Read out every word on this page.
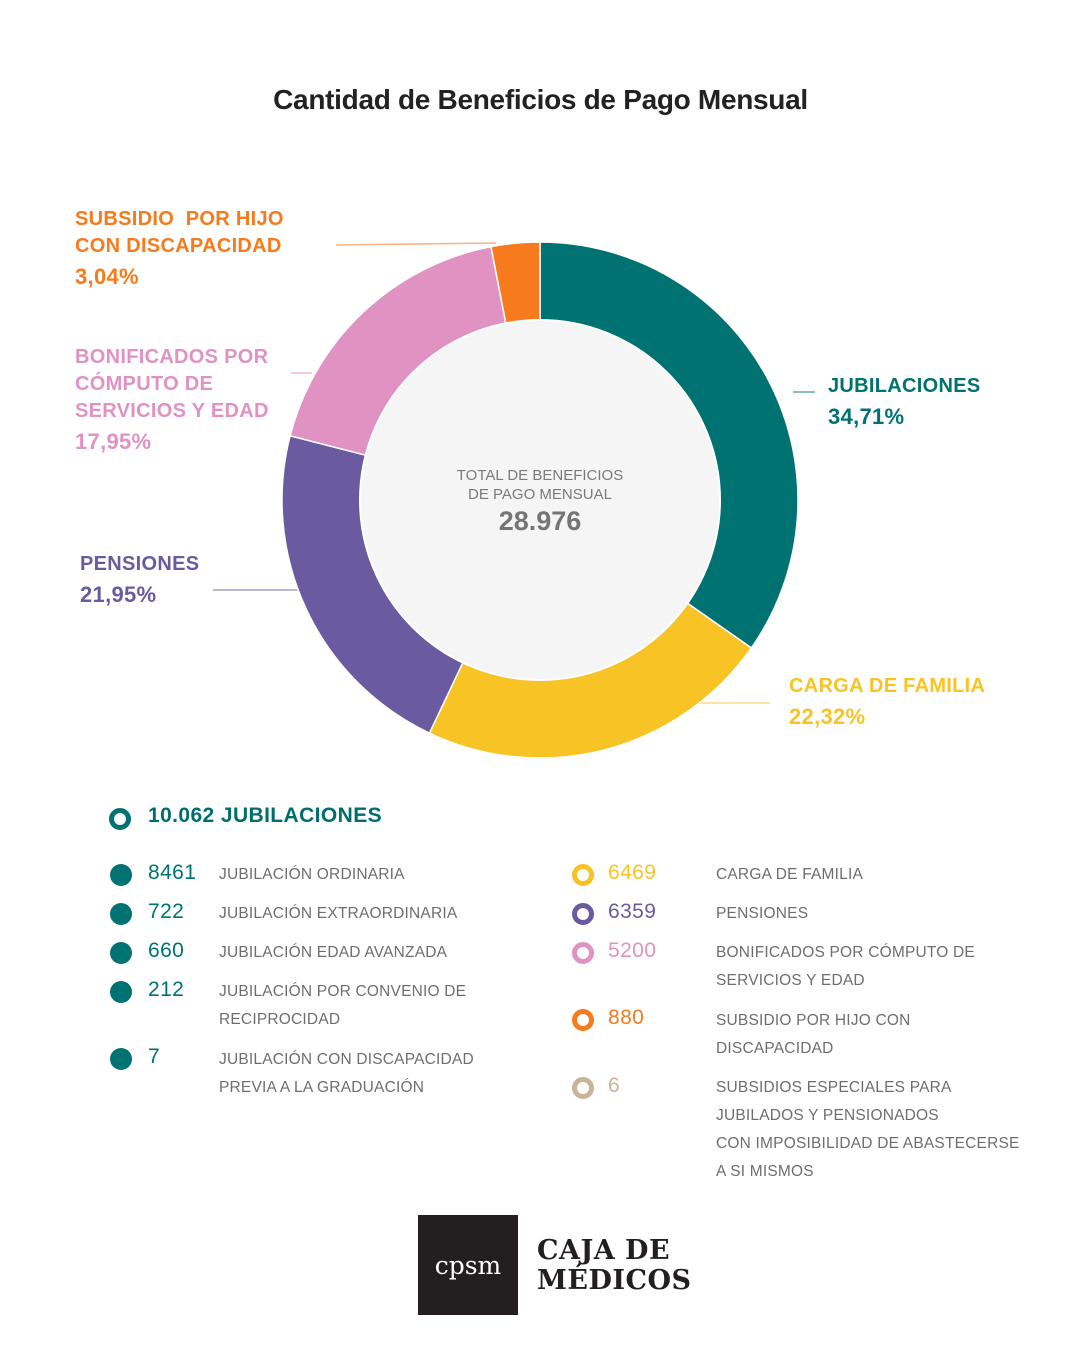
Cantidad de Beneficios de Pago Mensual
TOTAL DE BENEFICIOS
DE PAGO MENSUAL
28.976
SUBSIDIO  POR HIJO
CON DISCAPACIDAD
3,04%
BONIFICADOS POR
CÓMPUTO DE
SERVICIOS Y EDAD
17,95%
PENSIONES
21,95%
JUBILACIONES
34,71%
CARGA DE FAMILIA
22,32%
10.062 JUBILACIONES
8461 JUBILACIÓN ORDINARIA
722 JUBILACIÓN EXTRAORDINARIA
660 JUBILACIÓN EDAD AVANZADA
212 JUBILACIÓN POR CONVENIO DE
RECIPROCIDAD
7	JUBILACIÓN CON DISCAPACIDAD
PREVIA A LA GRADUACIÓN
6469	CARGA DE FAMILIA
6359	PENSIONES
5200	BONIFICADOS POR CÓMPUTO DE
SERVICIOS Y EDAD
880	SUBSIDIO POR HIJO CON
DISCAPACIDAD
6	SUBSIDIOS ESPECIALES PARA
JUBILADOS Y PENSIONADOS
CON IMPOSIBILIDAD DE ABASTECERSE
A SI MISMOS
cpsm	CAJA DE
MÉDICOS
